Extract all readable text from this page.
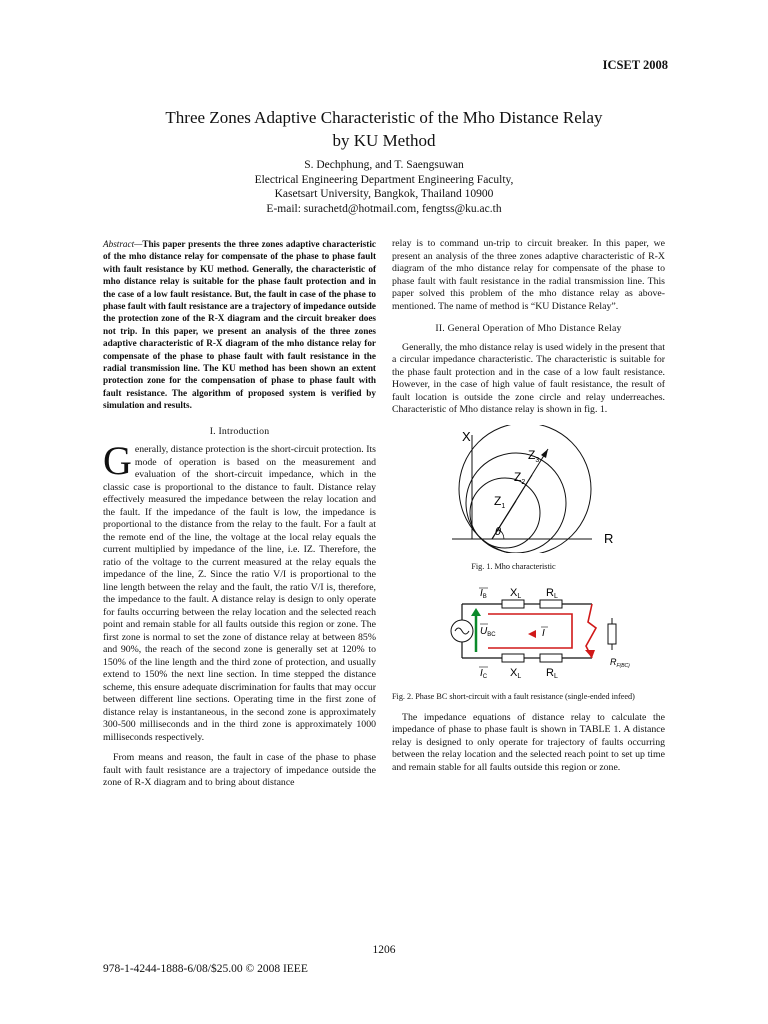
ICSET 2008
Three Zones Adaptive Characteristic of the Mho Distance Relay
by KU Method
S. Dechphung, and T. Saengsuwan
Electrical Engineering Department Engineering Faculty,
Kasetsart University, Bangkok, Thailand 10900
E-mail: surachetd@hotmail.com, fengtss@ku.ac.th
Abstract—This paper presents the three zones adaptive characteristic of the mho distance relay for compensate of the phase to phase fault with fault resistance by KU method. Generally, the characteristic of mho distance relay is suitable for the phase fault protection and in the case of a low fault resistance. But, the fault in case of the phase to phase fault with fault resistance are a trajectory of impedance outside the protection zone of the R-X diagram and the circuit breaker does not trip. In this paper, we present an analysis of the three zones adaptive characteristic of R-X diagram of the mho distance relay for compensate of the phase to phase fault with fault resistance in the radial transmission line. The KU method has been shown an extent protection zone for the compensation of phase to phase fault with fault resistance. The algorithm of proposed system is verified by simulation and results.
I. Introduction

Generally, distance protection is the short-circuit protection. Its mode of operation is based on the measurement and evaluation of the short-circuit impedance, which in the classic case is proportional to the distance to fault. Distance relay effectively measured the impedance between the relay location and the fault. If the impedance of the fault is low, the impedance is proportional to the distance from the relay to the fault. For a fault at the remote end of the line, the voltage at the local relay equals the current multiplied by impedance of the line, i.e. IZ. Therefore, the ratio of the voltage to the current measured at the relay equals the impedance of the line, Z. Since the ratio V/I is proportional to the line length between the relay and the fault, the ratio V/I is, therefore, the impedance to the fault. A distance relay is design to only operate for faults occurring between the relay location and the selected reach point and remain stable for all faults outside this region or zone. The first zone is normal to set the zone of distance relay at between 85% and 90%, the reach of the second zone is generally set at 120% to 150% of the line length and the third zone of protection, and usually extend to 150% the next line section. In time stepped the distance scheme, this ensure adequate discrimination for faults that may occur between different line sections. Operating time in the first zone of distance relay is instantaneous, in the second zone is approximately 300-500 milliseconds and in the third zone is approximately 1000 milliseconds respectively.

From means and reason, the fault in case of the phase to phase fault with fault resistance are a trajectory of impedance outside the zone of R-X diagram and to bring about distance

relay is to command un-trip to circuit breaker. In this paper, we present an analysis of the three zones adaptive characteristic of R-X diagram of the mho distance relay for compensate of the phase to phase fault with fault resistance in the radial transmission line. This paper solved this problem of the mho distance relay as above-mentioned. The name of method is “KU Distance Relay”.

II. General Operation of Mho Distance Relay

Generally, the mho distance relay is used widely in the present that a circular impedance characteristic. The characteristic is suitable for the phase fault protection and in the case of a low fault resistance. However, in the case of high value of fault resistance, the result of fault location is outside the zone circle and relay underreaches. Characteristic of Mho distance relay is shown in fig. 1.

X
R
θ
$Z_3$
$Z_2$
$Z_1$
Fig. 1. Mho characteristic
$U_{BC}$	I
$R_{F(BC)}$
$I_B$ XL RL
$I_C$ XL RL
Fig. 2. Phase BC short-circuit with a fault resistance (single-ended infeed)

The impedance equations of distance relay to calculate the impedance of phase to phase fault is shown in TABLE 1. A distance relay is designed to only operate for trajectory of faults occurring between the relay location and the selected reach point to set up time and remain stable for all faults outside this region or zone.

1206
978-1-4244-1888-6/08/$25.00 © 2008 IEEE
